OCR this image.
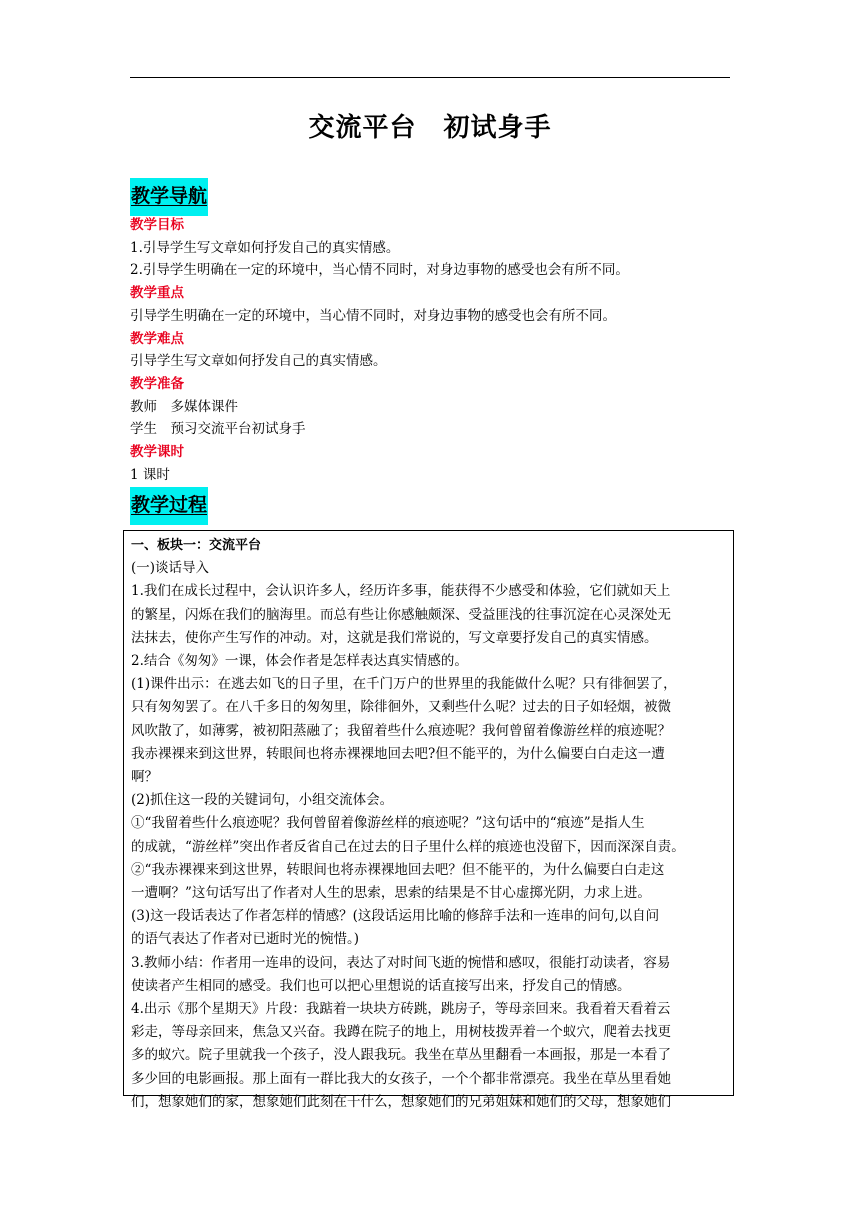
交流平台　初试身手
教学导航
教学目标
1.引导学生写文章如何抒发自己的真实情感。
2.引导学生明确在一定的环境中，当心情不同时，对身边事物的感受也会有所不同。
教学重点
引导学生明确在一定的环境中，当心情不同时，对身边事物的感受也会有所不同。
教学难点
引导学生写文章如何抒发自己的真实情感。
教学准备
教师　多媒体课件
学生　预习交流平台初试身手
教学课时
1 课时
教学过程
一、板块一：交流平台
(一)谈话导入
1.我们在成长过程中，会认识许多人，经历许多事，能获得不少感受和体验，它们就如天上
的繁星，闪烁在我们的脑海里。而总有些让你感触颇深、受益匪浅的往事沉淀在心灵深处无
法抹去，使你产生写作的冲动。对，这就是我们常说的，写文章要抒发自己的真实情感。
2.结合《匆匆》一课，体会作者是怎样表达真实情感的。
(1)课件出示：在逃去如飞的日子里，在千门万户的世界里的我能做什么呢？只有徘徊罢了，
只有匆匆罢了。在八千多日的匆匆里，除徘徊外，又剩些什么呢？过去的日子如轻烟，被微
风吹散了，如薄雾，被初阳蒸融了；我留着些什么痕迹呢？我何曾留着像游丝样的痕迹呢？
我赤裸裸来到这世界，转眼间也将赤裸裸地回去吧?但不能平的，为什么偏要白白走这一遭
啊？
(2)抓住这一段的关键词句，小组交流体会。
①“我留着些什么痕迹呢？我何曾留着像游丝样的痕迹呢？”这句话中的“痕迹”是指人生
的成就，“游丝样”突出作者反省自己在过去的日子里什么样的痕迹也没留下，因而深深自责。
②“我赤裸裸来到这世界，转眼间也将赤裸裸地回去吧？但不能平的，为什么偏要白白走这
一遭啊？”这句话写出了作者对人生的思索，思索的结果是不甘心虚掷光阴，力求上进。
(3)这一段话表达了作者怎样的情感？(这段话运用比喻的修辞手法和一连串的问句,以自问
的语气表达了作者对已逝时光的惋惜。)
3.教师小结：作者用一连串的设问，表达了对时间飞逝的惋惜和感叹，很能打动读者，容易
使读者产生相同的感受。我们也可以把心里想说的话直接写出来，抒发自己的情感。
4.出示《那个星期天》片段：我踮着一块块方砖跳，跳房子，等母亲回来。我看着天看着云
彩走，等母亲回来，焦急又兴奋。我蹲在院子的地上，用树枝拨弄着一个蚁穴，爬着去找更
多的蚁穴。院子里就我一个孩子，没人跟我玩。我坐在草丛里翻看一本画报，那是一本看了
多少回的电影画报。那上面有一群比我大的女孩子，一个个都非常漂亮。我坐在草丛里看她
们，想象她们的家，想象她们此刻在干什么，想象她们的兄弟姐妹和她们的父母，想象她们
